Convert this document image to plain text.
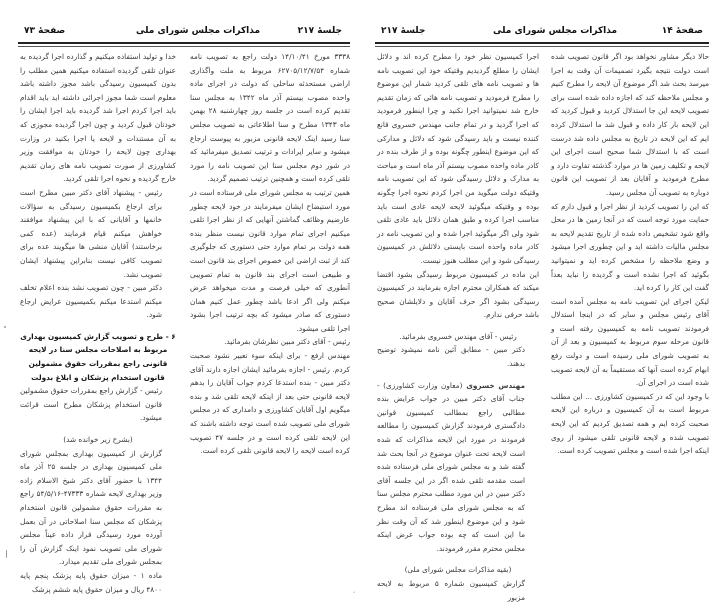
صفحهٔ ۷۳	مذاکرات مجلس شورای ملی	جلسهٔ ۲۱۷

خدا و تولید استفاده میکنیم و گذارده اجرا گردیده به عنوان تلقی گردیده استفاده میکنیم همین مطلب را بدون کمیسیون رسیدگی باشد مجوز داشته باشد معلوم است شما مجوز اجرائی داشته اید باید اقدام باید اجرا کردم اجرا شد گردیده باید اجرا ایشان را خودتان قبول کردید و چون اجرا گردیده مجوزی که به آن مستندات و لایحه یا اجرا بکنید در وزارت بهداری چون لایحه را خودتان به موافقت وزیر کشاورزی از صورت تصویب نامه های زمان تقدیم خارج گردیده و نحوه اجرا تلقی کردید.

رئیس - پیشنهاد آقای دکتر مبین مطرح است برای ارجاع بکمیسیون رسیدگی به سؤالات خانمها و آقایانی که با این پیشنهاد موافقند خواهش میکنم قیام فرمایند (عده کمی برخاستند) آقایان منشی ها میگویند عده برای تصویب کافی نیست بنابراین پیشنهاد ایشان تصویب نشد.

دکتر مبین - چون تصویب نشد بنده اعلام تخلف میکنم استدعا میکنم بکمیسیون عرایض ارجاع شود.

۶ - طرح و تصویب گزارش کمیسیون بهداری مربوط به اصلاحات مجلس سنا در لایحه قانونی راجع بمقررات حقوق مشمولین قانون استخدام پزشکان و ابلاغ بدولت

رئیس - گزارش راجع بمقررات حقوق مشمولین قانون استخدام پزشکان مطرح است قرائت میشود.

(بشرح زیر خوانده شد)

گزارش از کمیسیون بهداری بمجلس شورای ملی کمیسیون بهداری در جلسه ۲۵ آذر ماه ۱۳۴۴ با حضور آقای دکتر شیخ الاسلام زاده وزیر بهداری لایحه شماره ۴۷۳۳۳-۵۴/۵/۱۶ راجع به مقررات حقوق مشمولین قانون استخدام پزشکان که مجلس سنا اصلاحاتی در آن بعمل آورده مورد رسیدگی قرار داده عیناً مجلس شورای ملی تصویب نمود اینک گزارش آن را بمجلس شورای ملی تقدیم میدارد.

ماده ۱ - میزان حقوق پایه پزشک پنجم پایه ۴۸۰۰ ریال و میزان حقوق پایه ششم پزشک

۳۳۳۸ مورخ ۱۴/۱۰/۴۱ دولت راجع به تصویب نامه شماره ۶۲۷۰۵/۱۲/۷/۵۴ مربوط به ملت واگذاری اراضی مستحدثه ساحلی که دولت در اجرای ماده واحده مصوب بیستم آذر ماه ۱۳۴۲ به مجلس سنا تقدیم کرده است در جلسه روز چهارشنبه ۲۸ بهمن ماه ۱۳۴۳ مطرح و سنا اطلاعاتی به تصویب مجلس سنا رسید اینک لایحه قانونی مزبور به پیوست ارجاع میشود و سایر ایرادات و ترتیب تصدیق میفرمائید که در شور دوم مجلس سنا این تصویب نامه را مورد تلقی کرده است و همچنین ترتیب تصمیم گردید.

همین ترتیب به مجلس شورای ملی فرستاده است در مورد استیضاح ایشان میفرمایند در خود لایحه چطور عارضیم وظائف گماشتن آنهایی که از نظر اجرا تلقی میکنیم اجرای تمام موارد قانون نیست منظر بنده همه دولت بر تمام موارد حتی دستوری که جلوگیری کند از ثبت اراضی این خصوص اجرای بند قانون است و طبیعی است اجرای بند قانون به تمام تصویبی آنطوری که خیلی فرصت و مدت میخواهد عرض میکنم ولی اگر ادعا باشد چطور عمل کنیم همان دستوری که صادر میشود که بچه ترتیب اجرا بشود اجرا تلقی میشود.

رئیس - آقای دکتر مبین نظرشان بفرمائید.

مهندس ارفع - برای اینکه سوء تعبیر نشود صحبت کردم. رئیس - اجازه بفرمائید ایشان اجازه دارند آقای دکتر مبین - بنده استدعا کردم جواب آقایان را بدهم لایحه قانونی حتی بعد از اینکه لایحه تلقی شد و بنده میگویم اول آقایان کشاورزی و دامداری که در مجلس شورای ملی تصویب شده است توجه داشته باشند که این لایحه تلقی کرده است و در جلسه ۴۷ تصویب کرده است لایحه را لایحه قانونی تلقی کرده است.

جلسهٔ ۲۱۷	مذاکرات مجلس شورای ملی	صفحهٔ ۱۴

اجرا کمیسیون نظر خود را مطرح کرده اند و دلائل ایشان را مطلع گردیدیم وقتیکه خود این تصویب نامه ها و تصویب نامه های تلقی کردید شمار این موضوع را مطرح فرمودید و تصویب نامه هائی که زمان تقدیم خارج شد نمیتوانید اجرا نکنید و چرا اینطور فرمودید که اجرا گردید و در تمام جانب مهندس خسروی قانع کننده نیست و باید رسیدگی شود که دلائل و مدارکی که این موضوع اینطور چگونه بوده و از طرف بنده در کادر ماده واحده مصوب بیستم آذر ماه است و مباحث به مدارک و دلائل رسیدگی شود که این تصویب نامه وقتیکه دولت میگوید من اجرا کردم نحوه اجرا چگونه بوده و وقتیکه میگوئید لایحه لایحه عادی است باید مناسب اجرا کرده و طبق همان دلائل باید عادی تلقی شود ولی اگر میگوئید اجرا شده و این تصویب نامه در کادر ماده واحده است بایستی دلائلش در کمیسیون رسیدگی شود و این مطلب هنوز نیست.

این ماده در کمیسیون مربوط رسیدگی بشود اقتضا میکند که همکاران محترم اجازه بفرمایند در کمیسیون رسیدگی بشود اگر حرف آقایان و دلایلشان صحیح باشد حرفی ندارم.

رئیس - آقای مهندس خسروی بفرمائید.

دکتر مبین - مطابق آئین نامه نمیشود توضیح بدهند.

مهندس خسروی (معاون وزارت کشاورزی) - جناب آقای دکتر مبین در جواب عرایض بنده مطالبی راجع بمطالب کمیسیون قوانین دادگستری فرمودند گزارش کمیسیون را مطالعه فرمودند در مورد این لایحه مذاکرات که شده است لایحه تحت عنوان موضوع در آنجا بحث شد گفته شد و به مجلس شورای ملی فرستاده شده است مقدمه تلقی شده اگر در این جلسه آقای دکتر مبین در این مورد مطلب محترم مجلس سنا که به مجلس شورای ملی فرستاده اند مطرح شود و این موضوع اینطور شد که آن وقت نظر ما این است که چه بوده جواب عرض اینکه مجلس محترم مقرر فرمودند.

(بقیه مذاکرات مجلس شورای ملی)

گزارش کمیسیون شماره ۵ مربوط به لایحه مزبور

حالا دیگر مشاور نخواهد بود اگر قانون تصویب شده است دولت نتیجه بگیرد تصمیمات آن وقت به اجرا میرسد بحث شد اگر موضوع آن لایحه را مطرح کنیم و مجلس ملاحظه کند که اجازه داده شده است برای تصویب لایحه این جا استدلال کردید و قبول کردید که این لایحه بار کار داده و قبول شد ما استدلال کرده ایم که این لایحه در تاریخ به مجلس داده شد درست است که با استدلال شما صحیح است اجرای این لایحه و تکلیف زمین ها در موارد گذشته تفاوت دارد و مطرح فرمودید و آقایان بعد از تصویب این قانون دوباره به تصویب آن مجلس رسید.

که این را تصویب کردید از نظر اجرا و قبول دارم که حمایت مورد توجه است که در آنجا زمین ها در محل واقع شود تشخیص داده شده از تاریخ تقدیم لایحه به مجلس مالیات داشته اید و این چطوری اجرا میشود و وضع ملاحظه را مشخص کرده اید و نمیتوانید بگوئید که اجرا نشده است و گردیده را نباید بعداً گفت این کار را کرده اید.

لیکن اجرای این تصویب نامه به مجلس آمده است آقای رئیس مجلس و سایر که در اینجا استدلال فرمودند تصویب نامه به کمیسیون رفته است و قانون مرحله سوم مربوط به کمیسیون و بعد از آن به تصویب شورای ملی رسیده است و دولت رفع ابهام کرده است آنها که مستقیماً به آن لایحه تصویب شده است در اجرای آن.

با وجود این که در کمیسیون کشاورزی ... این مطلب مربوط است به آن کمیسیون و درباره این لایحه صحبت کرده ایم و همه تصدیق کردیم که این لایحه تصویب شده و لایحه قانونی تلقی میشود از روی اینکه اجرا شده است و مجلس تصویب کرده است.

،
